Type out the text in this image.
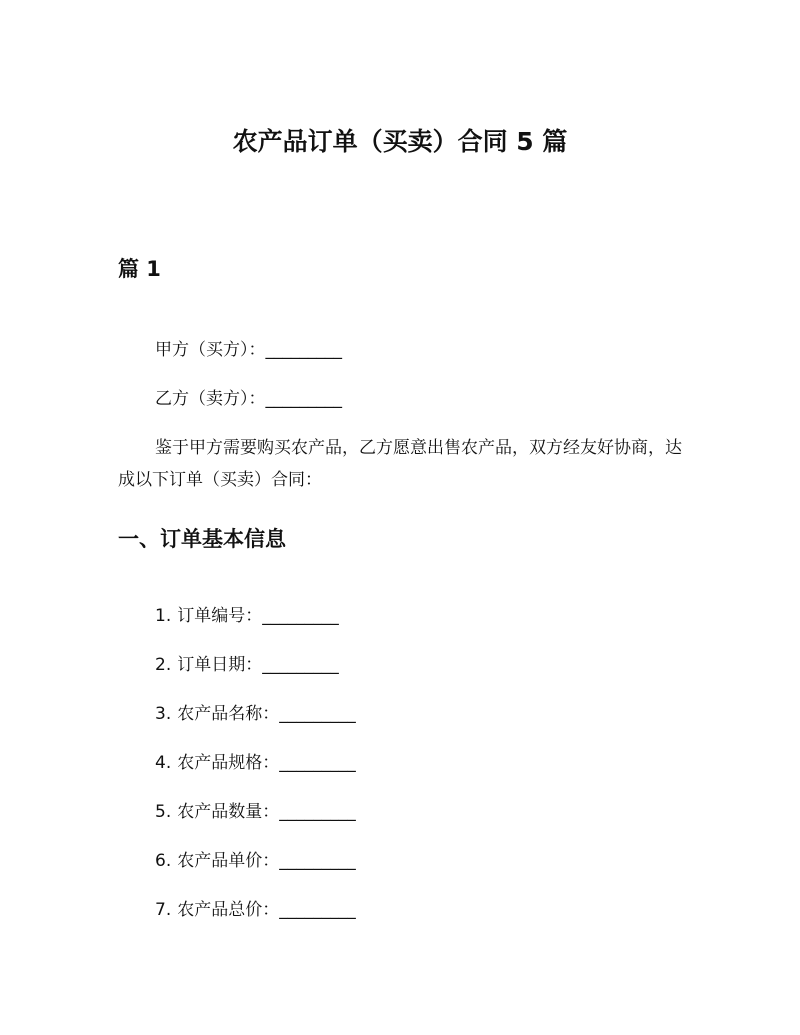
农产品订单（买卖）合同 5 篇
篇 1

甲方（买方）：_________

乙方（卖方）：_________

鉴于甲方需要购买农产品，乙方愿意出售农产品，双方经友好协商，达成以下订单（买卖）合同：

一、订单基本信息

1. 订单编号：_________

2. 订单日期：_________

3. 农产品名称：_________

4. 农产品规格：_________

5. 农产品数量：_________

6. 农产品单价：_________

7. 农产品总价：_________
